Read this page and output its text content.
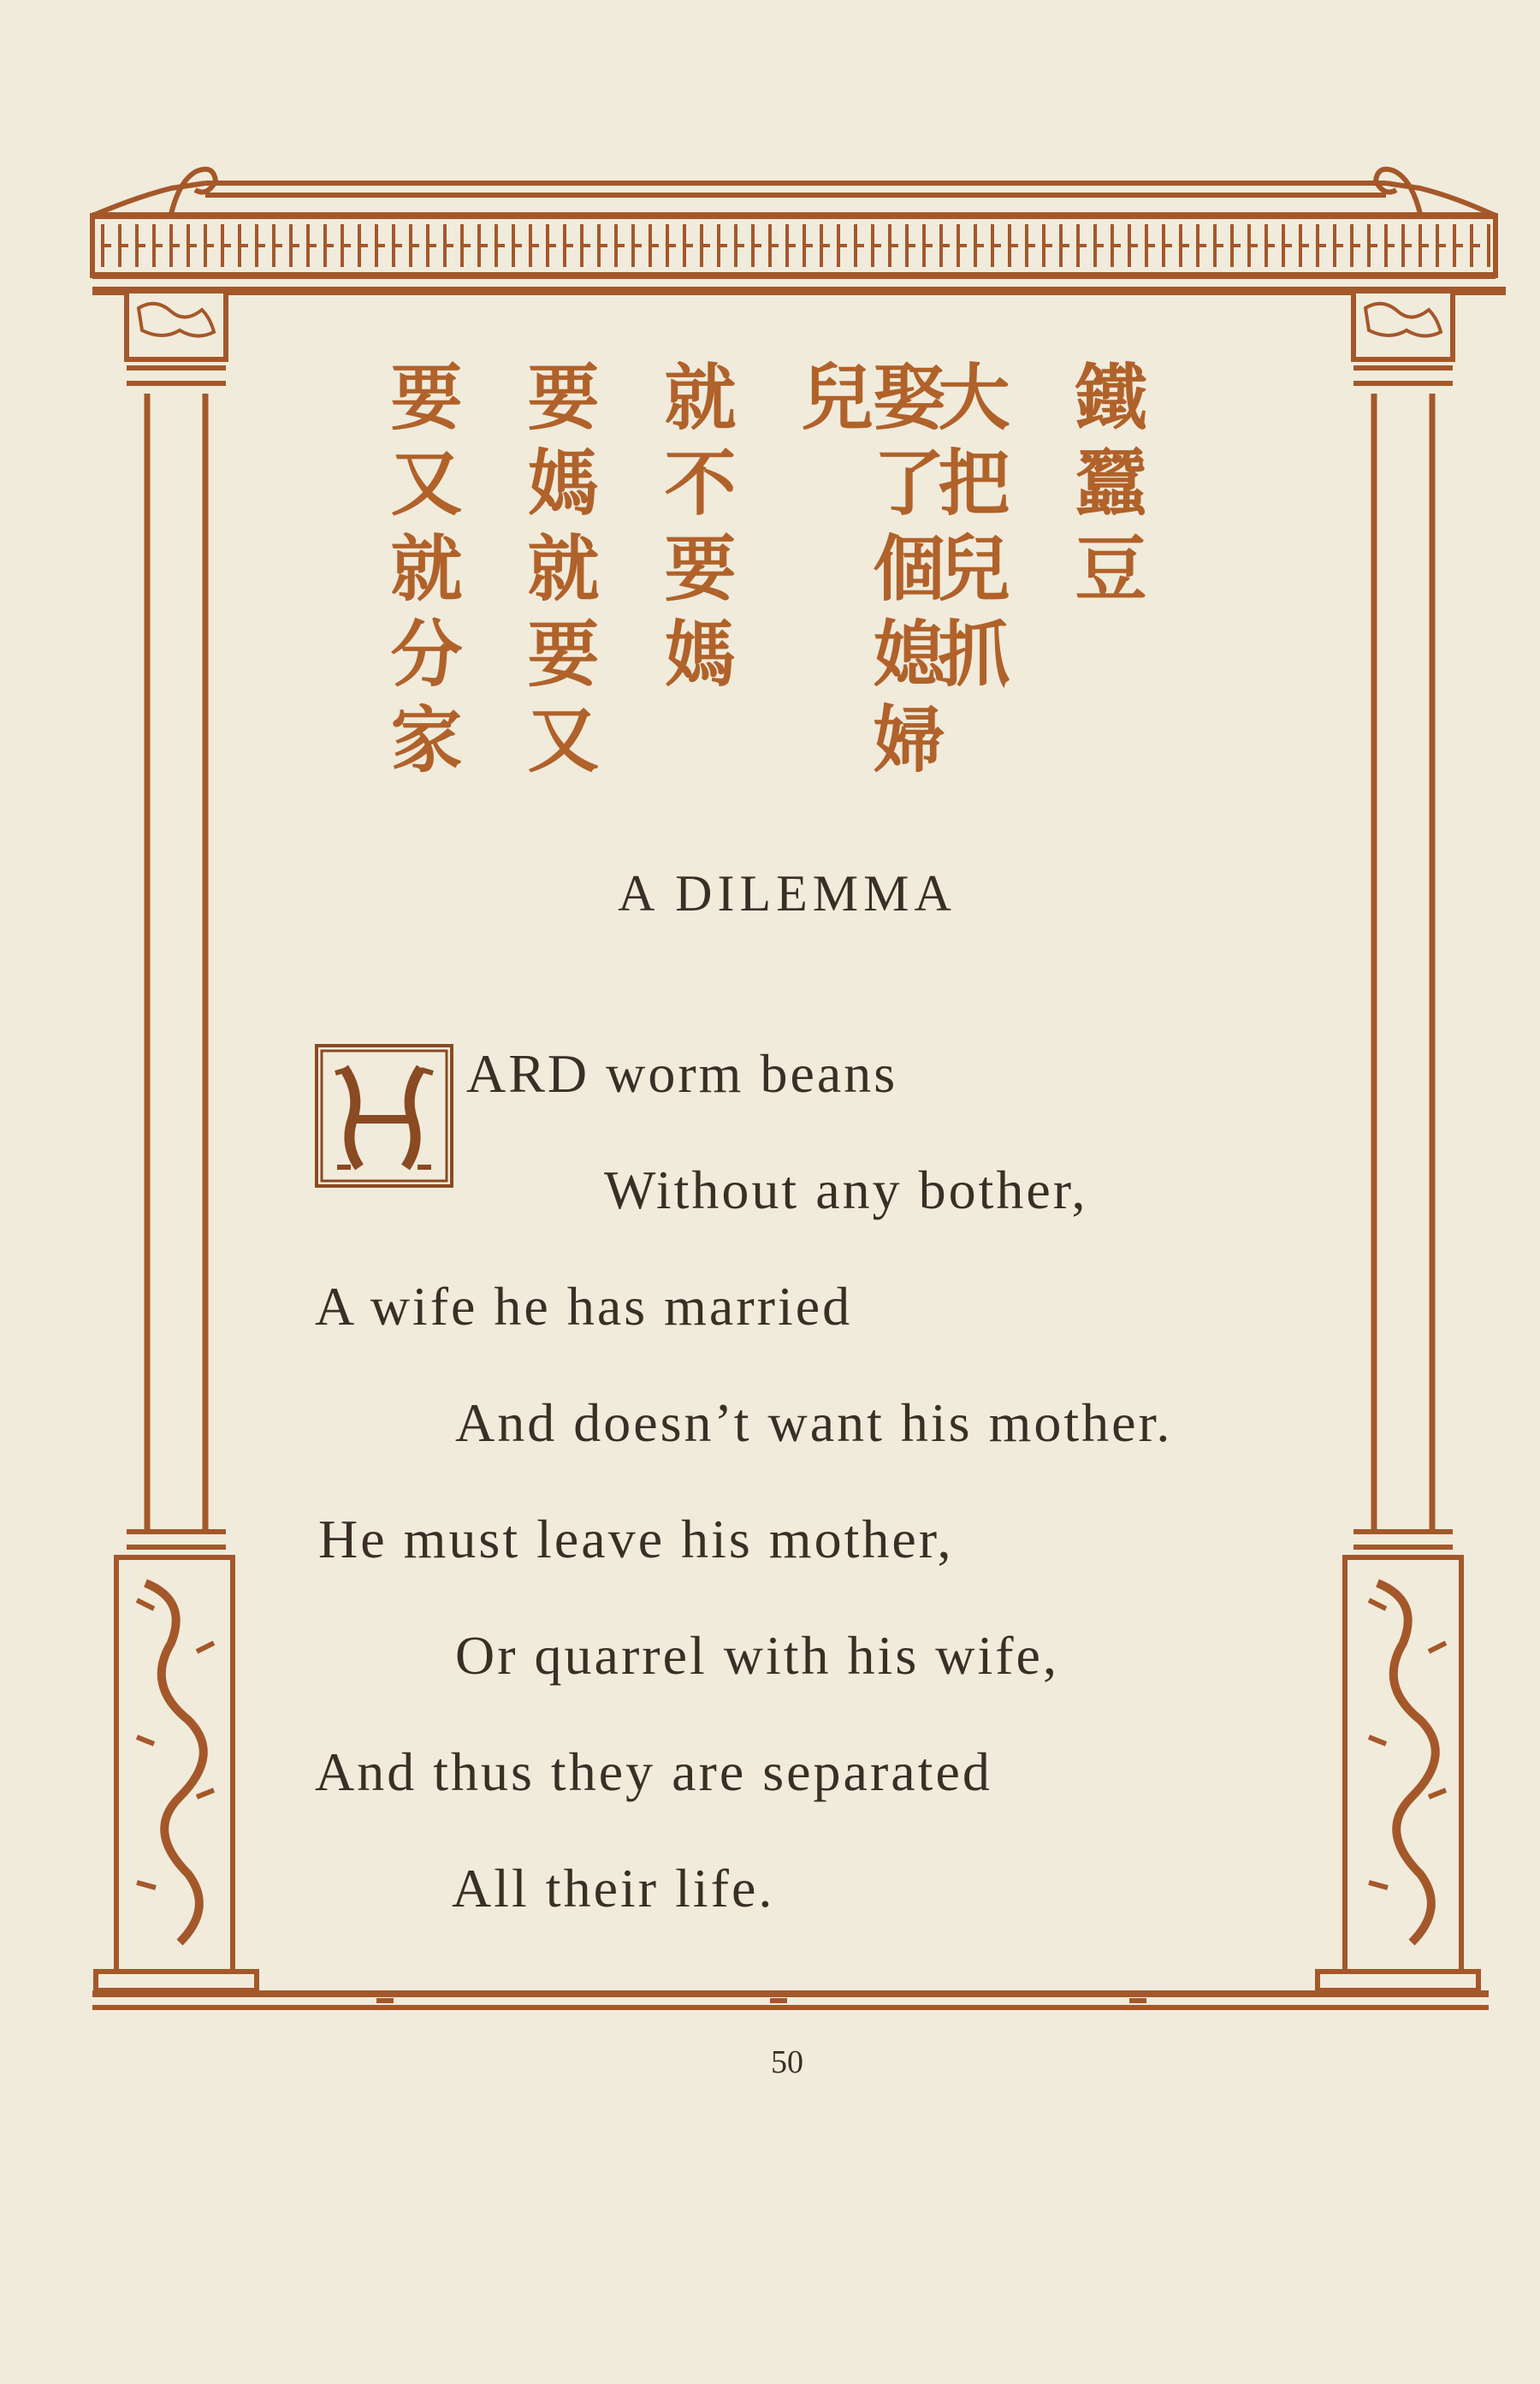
鐵蠶豆
大把兒抓
娶了個媳婦兒
就不要媽
要媽就要又
要又就分家
A DILEMMA
ARD worm beans
Without any bother,
A wife he has married
And doesn’t want his mother.
He must leave his mother,
Or quarrel with his wife,
And thus they are separated
All their life.
50
